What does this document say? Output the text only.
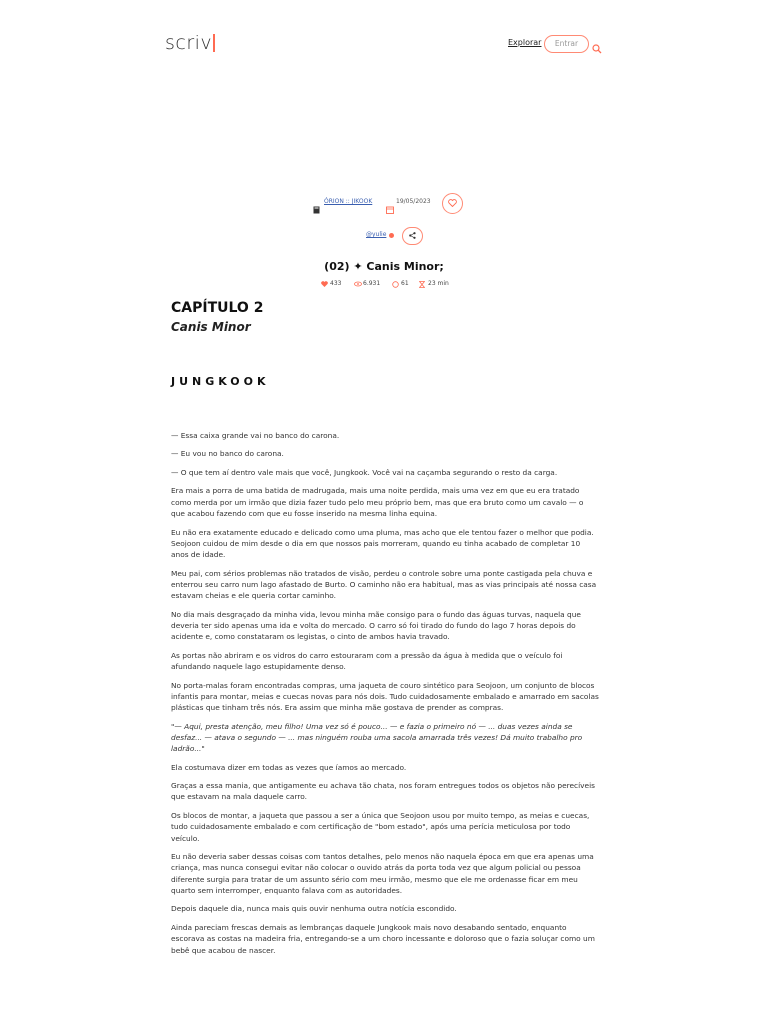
scriv	Explorar	Entrar
ÓRION :: JIKOOK	19/05/2023
@yulie
(02) ✦ Canis Minor;
433	6.931	61	23 min
CAPÍTULO 2
Canis Minor
JUNGKOOK

— Essa caixa grande vai no banco do carona.

— Eu vou no banco do carona.

— O que tem aí dentro vale mais que você, Jungkook. Você vai na caçamba segurando o resto da carga.

Era mais a porra de uma batida de madrugada, mais uma noite perdida, mais uma vez em que eu era tratado como merda por um irmão que dizia fazer tudo pelo meu próprio bem, mas que era bruto como um cavalo — o que acabou fazendo com que eu fosse inserido na mesma linha equina.

Eu não era exatamente educado e delicado como uma pluma, mas acho que ele tentou fazer o melhor que podia. Seojoon cuidou de mim desde o dia em que nossos pais morreram, quando eu tinha acabado de completar 10 anos de idade.

Meu pai, com sérios problemas não tratados de visão, perdeu o controle sobre uma ponte castigada pela chuva e enterrou seu carro num lago afastado de Burto. O caminho não era habitual, mas as vias principais até nossa casa estavam cheias e ele queria cortar caminho.

No dia mais desgraçado da minha vida, levou minha mãe consigo para o fundo das águas turvas, naquela que deveria ter sido apenas uma ida e volta do mercado. O carro só foi tirado do fundo do lago 7 horas depois do acidente e, como constataram os legistas, o cinto de ambos havia travado.

As portas não abriram e os vidros do carro estouraram com a pressão da água à medida que o veículo foi afundando naquele lago estupidamente denso.

No porta-malas foram encontradas compras, uma jaqueta de couro sintético para Seojoon, um conjunto de blocos infantis para montar, meias e cuecas novas para nós dois. Tudo cuidadosamente embalado e amarrado em sacolas plásticas que tinham três nós. Era assim que minha mãe gostava de prender as compras.

"— Aqui, presta atenção, meu filho! Uma vez só é pouco... — e fazia o primeiro nó — ... duas vezes ainda se desfaz... — atava o segundo — ... mas ninguém rouba uma sacola amarrada três vezes! Dá muito trabalho pro ladrão..."

Ela costumava dizer em todas as vezes que íamos ao mercado.

Graças a essa mania, que antigamente eu achava tão chata, nos foram entregues todos os objetos não perecíveis que estavam na mala daquele carro.

Os blocos de montar, a jaqueta que passou a ser a única que Seojoon usou por muito tempo, as meias e cuecas, tudo cuidadosamente embalado e com certificação de "bom estado", após uma perícia meticulosa por todo veículo.

Eu não deveria saber dessas coisas com tantos detalhes, pelo menos não naquela época em que era apenas uma criança, mas nunca consegui evitar não colocar o ouvido atrás da porta toda vez que algum policial ou pessoa diferente surgia para tratar de um assunto sério com meu irmão, mesmo que ele me ordenasse ficar em meu quarto sem interromper, enquanto falava com as autoridades.

Depois daquele dia, nunca mais quis ouvir nenhuma outra notícia escondido.

Ainda pareciam frescas demais as lembranças daquele Jungkook mais novo desabando sentado, enquanto escorava as costas na madeira fria, entregando-se a um choro incessante e doloroso que o fazia soluçar como um bebê que acabou de nascer.
